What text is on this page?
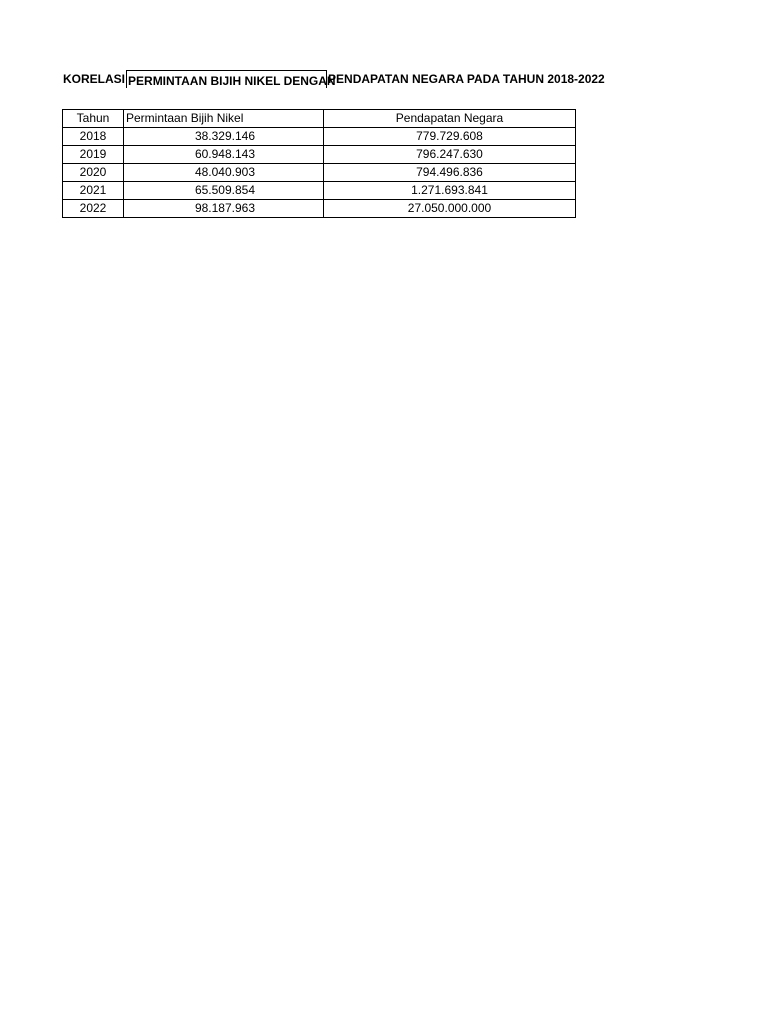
KORELASI PERMINTAAN BIJIH NIKEL DENGAN
PENDAPATAN NEGARA PADA TAHUN 2018-2022
Tahun	Permintaan Bijih Nikel	Pendapatan Negara
2018	38.329.146	779.729.608
2019	60.948.143	796.247.630
2020	48.040.903	794.496.836
2021	65.509.854	1.271.693.841
2022	98.187.963	27.050.000.000
